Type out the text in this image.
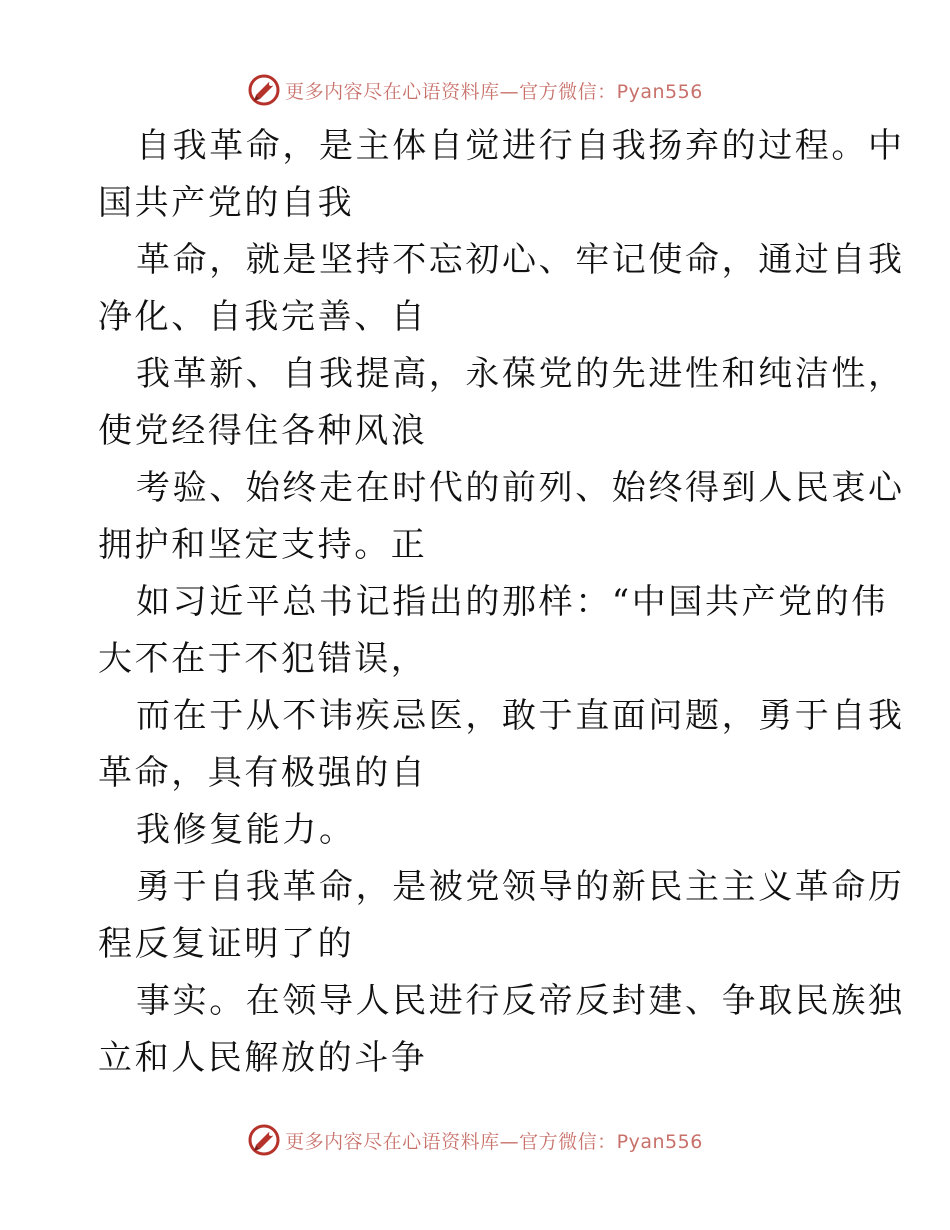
更多内容尽在心语资料库—官方微信：Pyan556

自我革命，是主体自觉进行自我扬弃的过程。中
国共产党的自我

革命，就是坚持不忘初心、牢记使命，通过自我
净化、自我完善、自

我革新、自我提高，永葆党的先进性和纯洁性，
使党经得住各种风浪

考验、始终走在时代的前列、始终得到人民衷心
拥护和坚定支持。正

如习近平总书记指出的那样：“中国共产党的伟
大不在于不犯错误，

而在于从不讳疾忌医，敢于直面问题，勇于自我
革命，具有极强的自

我修复能力。

勇于自我革命，是被党领导的新民主主义革命历
程反复证明了的

事实。在领导人民进行反帝反封建、争取民族独
立和人民解放的斗争

更多内容尽在心语资料库—官方微信：Pyan556
